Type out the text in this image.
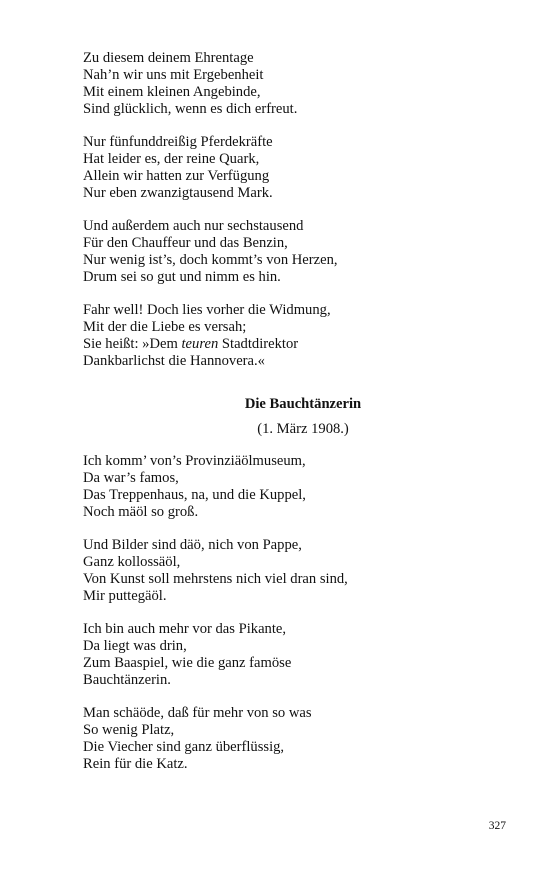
Zu diesem deinem Ehrentage
Nah’n wir uns mit Ergebenheit
Mit einem kleinen Angebinde,
Sind glücklich, wenn es dich erfreut.
Nur fünfunddreißig Pferdekräfte
Hat leider es, der reine Quark,
Allein wir hatten zur Verfügung
Nur eben zwanzigtausend Mark.
Und außerdem auch nur sechstausend
Für den Chauffeur und das Benzin,
Nur wenig ist’s, doch kommt’s von Herzen,
Drum sei so gut und nimm es hin.
Fahr well! Doch lies vorher die Widmung,
Mit der die Liebe es versah;
Sie heißt: »Dem teuren Stadtdirektor
Dankbarlichst die Hannovera.«
Die Bauchtänzerin
(1. März 1908.)
Ich komm’ von’s Provinziäölmuseum,
Da war’s famos,
Das Treppenhaus, na, und die Kuppel,
Noch mäöl so groß.
Und Bilder sind däö, nich von Pappe,
Ganz kollossäöl,
Von Kunst soll mehrstens nich viel dran sind,
Mir puttegäöl.
Ich bin auch mehr vor das Pikante,
Da liegt was drin,
Zum Baaspiel, wie die ganz famöse
Bauchtänzerin.
Man schäöde, daß für mehr von so was
So wenig Platz,
Die Viecher sind ganz überflüssig,
Rein für die Katz.
327
